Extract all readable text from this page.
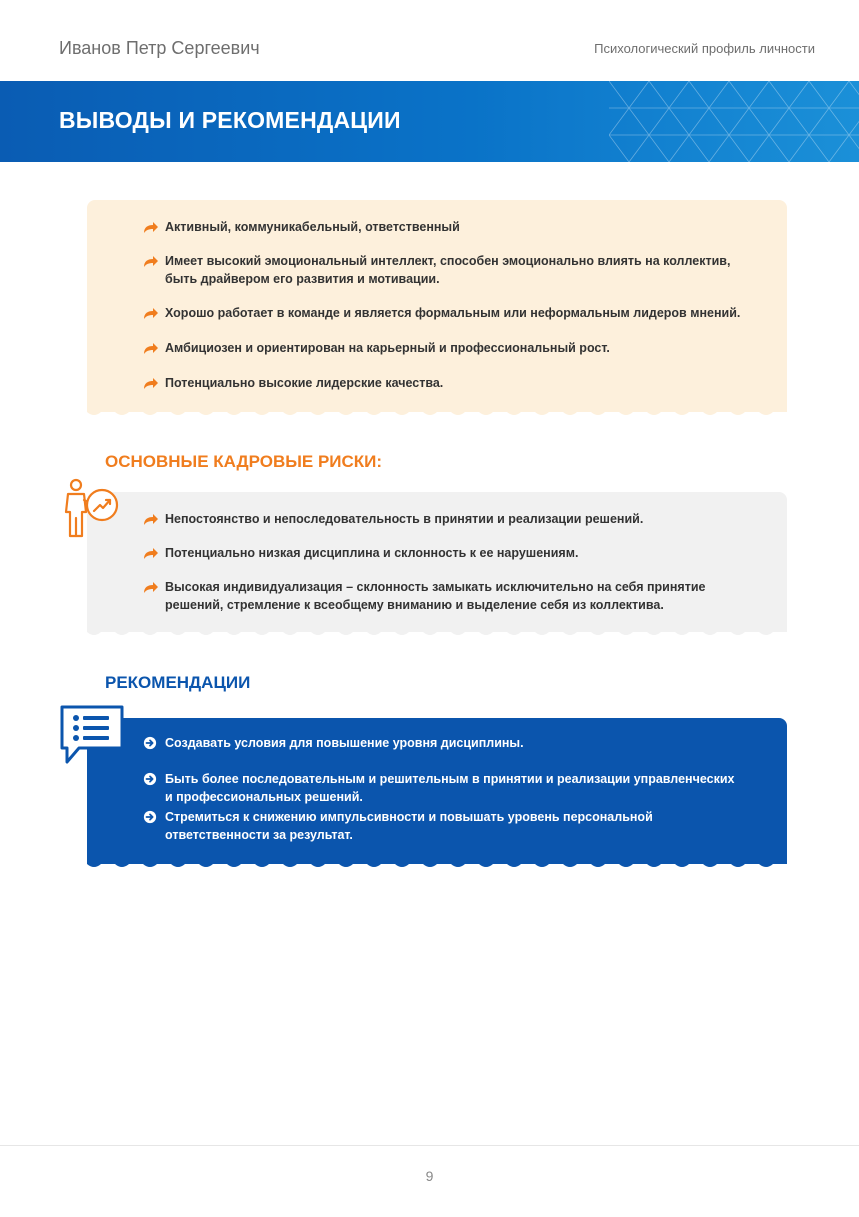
Иванов Петр Сергеевич	Психологический профиль личности
ВЫВОДЫ И РЕКОМЕНДАЦИИ
Активный, коммуникабельный, ответственный
Имеет высокий эмоциональный интеллект, способен эмоционально влиять на коллектив, быть драйвером его развития и мотивации.
Хорошо работает в команде и является формальным или неформальным лидеров мнений.
Амбициозен и ориентирован на карьерный и профессиональный рост.
Потенциально высокие лидерские качества.
ОСНОВНЫЕ КАДРОВЫЕ РИСКИ:
Непостоянство и непоследовательность в принятии и реализации решений.
Потенциально низкая дисциплина и склонность к ее нарушениям.
Высокая индивидуализация – склонность замыкать исключительно на себя принятие решений, стремление к всеобщему вниманию и выделение себя из коллектива.
РЕКОМЕНДАЦИИ
Создавать условия для повышение уровня дисциплины.
Быть более последовательным и решительным в принятии и реализации управленческих и профессиональных решений.
Стремиться к снижению импульсивности и повышать уровень персональной ответственности за результат.
9
